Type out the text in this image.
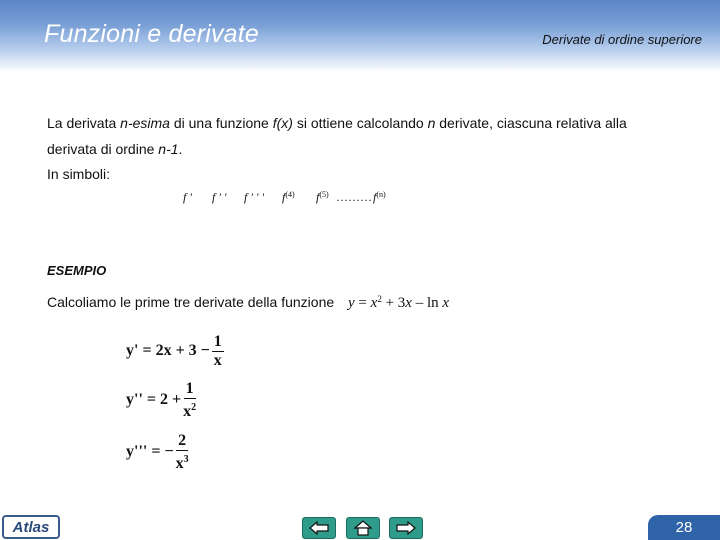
Funzioni e derivate	Derivate di ordine superiore
La derivata n-esima di una funzione f(x) si ottiene calcolando n derivate, ciascuna relativa alla
derivata di ordine n-1.
In simboli:
f ' f ' ' f ' ' ' $f^{(4)}$ $f^{(5)}$ ……… $f^{(n)}$
ESEMPIO
Calcoliamo le prime tre derivate della funzione $y = x^2 + 3x - \ln x$
$y' = 2x + 3 - \frac{1}{x}$
$y'' = 2 + \frac{1}{x^2}$
y''' = − $\frac{2}{x^3}$
Atlas	28
